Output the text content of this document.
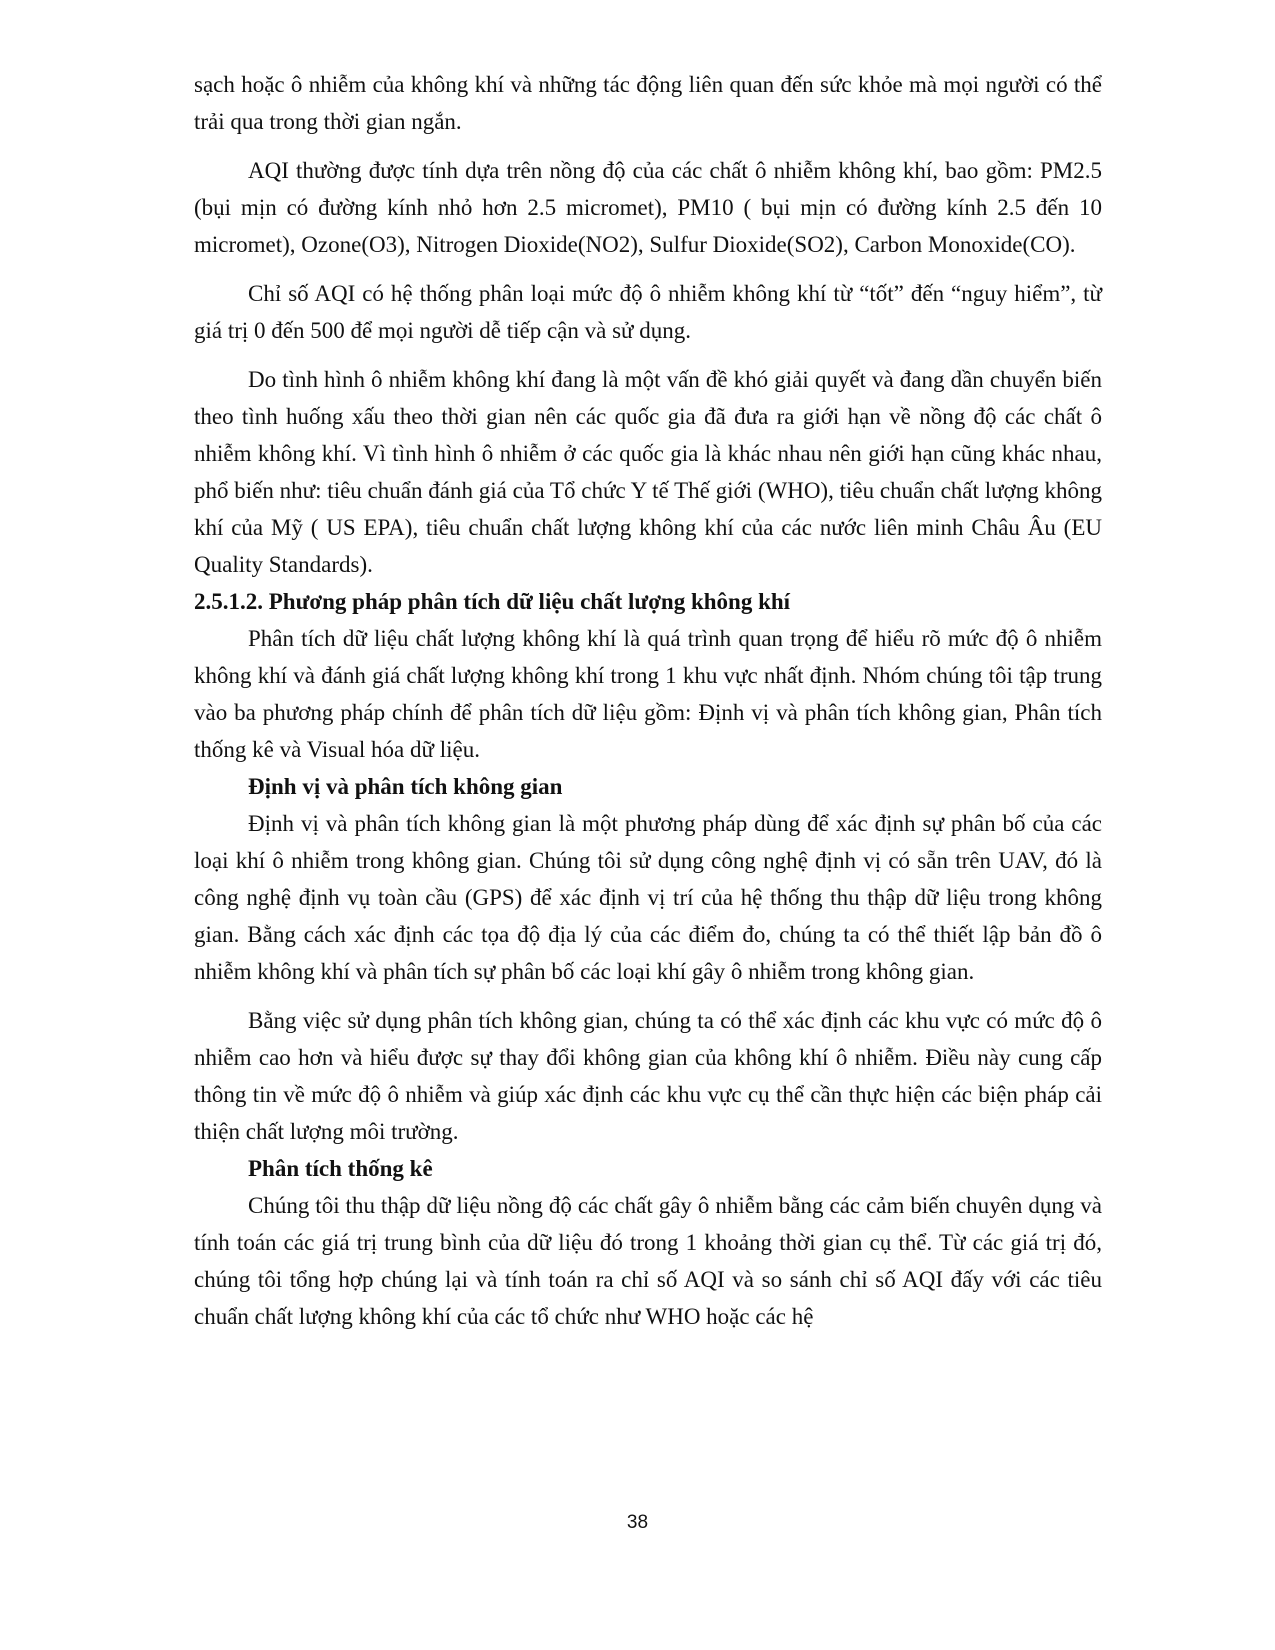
sạch hoặc ô nhiễm của không khí và những tác động liên quan đến sức khỏe mà mọi người có thể trải qua trong thời gian ngắn.

AQI thường được tính dựa trên nồng độ của các chất ô nhiễm không khí, bao gồm: PM2.5 (bụi mịn có đường kính nhỏ hơn 2.5 micromet), PM10 ( bụi mịn có đường kính 2.5 đến 10 micromet), Ozone(O3), Nitrogen Dioxide(NO2), Sulfur Dioxide(SO2), Carbon Monoxide(CO).

Chỉ số AQI có hệ thống phân loại mức độ ô nhiễm không khí từ “tốt” đến “nguy hiểm”, từ giá trị 0 đến 500 để mọi người dễ tiếp cận và sử dụng.

Do tình hình ô nhiễm không khí đang là một vấn đề khó giải quyết và đang dần chuyển biến theo tình huống xấu theo thời gian nên các quốc gia đã đưa ra giới hạn về nồng độ các chất ô nhiễm không khí. Vì tình hình ô nhiễm ở các quốc gia là khác nhau nên giới hạn cũng khác nhau, phổ biến như: tiêu chuẩn đánh giá của Tổ chức Y tế Thế giới (WHO), tiêu chuẩn chất lượng không khí của Mỹ ( US EPA), tiêu chuẩn chất lượng không khí của các nước liên minh Châu Âu (EU Quality Standards).

2.5.1.2. Phương pháp phân tích dữ liệu chất lượng không khí

Phân tích dữ liệu chất lượng không khí là quá trình quan trọng để hiểu rõ mức độ ô nhiễm không khí và đánh giá chất lượng không khí trong 1 khu vực nhất định. Nhóm chúng tôi tập trung vào ba phương pháp chính để phân tích dữ liệu gồm: Định vị và phân tích không gian, Phân tích thống kê và Visual hóa dữ liệu.

Định vị và phân tích không gian

Định vị và phân tích không gian là một phương pháp dùng để xác định sự phân bố của các loại khí ô nhiễm trong không gian. Chúng tôi sử dụng công nghệ định vị có sẵn trên UAV, đó là công nghệ định vụ toàn cầu (GPS) để xác định vị trí của hệ thống thu thập dữ liệu trong không gian. Bằng cách xác định các tọa độ địa lý của các điểm đo, chúng ta có thể thiết lập bản đồ ô nhiễm không khí và phân tích sự phân bố các loại khí gây ô nhiễm trong không gian.

Bằng việc sử dụng phân tích không gian, chúng ta có thể xác định các khu vực có mức độ ô nhiễm cao hơn và hiểu được sự thay đổi không gian của không khí ô nhiễm. Điều này cung cấp thông tin về mức độ ô nhiễm và giúp xác định các khu vực cụ thể cần thực hiện các biện pháp cải thiện chất lượng môi trường.

Phân tích thống kê

Chúng tôi thu thập dữ liệu nồng độ các chất gây ô nhiễm bằng các cảm biến chuyên dụng và tính toán các giá trị trung bình của dữ liệu đó trong 1 khoảng thời gian cụ thể. Từ các giá trị đó, chúng tôi tổng hợp chúng lại và tính toán ra chỉ số AQI và so sánh chỉ số AQI đấy với các tiêu chuẩn chất lượng không khí của các tổ chức như WHO hoặc các hệ

38
